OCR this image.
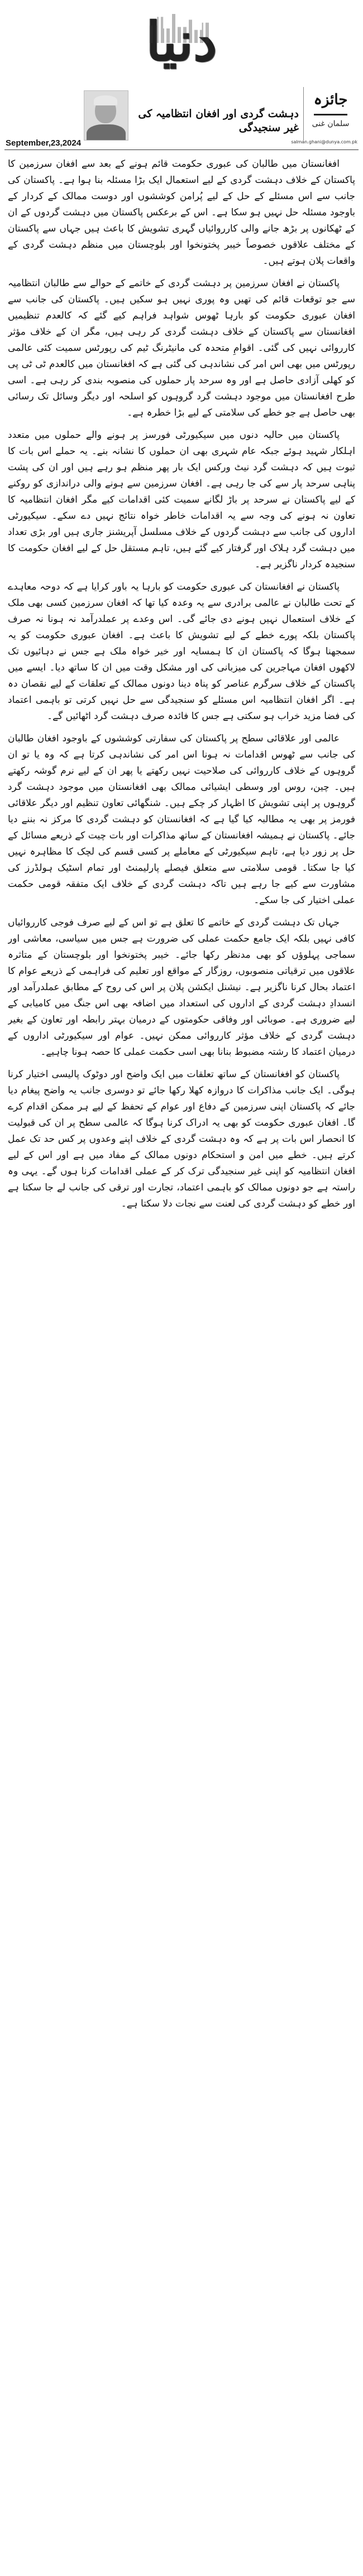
دنیا
جائزہ
سلمان غنی
دہشت گردی اور افغان انتظامیہ کی غیر سنجیدگی
salman.ghani@dunya.com.pk
September,23,2024

افغانستان میں طالبان کی عبوری حکومت قائم ہونے کے بعد سے افغان سرزمین کا پاکستان کے خلاف دہشت گردی کے لیے استعمال ایک بڑا مسئلہ بنا ہوا ہے۔ پاکستان کی جانب سے اس مسئلے کے حل کے لیے پُرامن کوششوں اور دوست ممالک کے کردار کے باوجود مسئلہ حل نہیں ہو سکا ہے۔ اس کے برعکس پاکستان میں دہشت گردوں کے ان کے ٹھکانوں پر بڑھ جانے والی کارروائیاں گہری تشویش کا باعث ہیں جہاں سے پاکستان کے مختلف علاقوں خصوصاً خیبر پختونخوا اور بلوچستان میں منظم دہشت گردی کے واقعات پلان ہوتے ہیں۔

پاکستان نے افغان سرزمین پر دہشت گردی کے خاتمے کے حوالے سے طالبان انتظامیہ سے جو توقعات قائم کی تھیں وہ پوری نہیں ہو سکیں ہیں۔ پاکستان کی جانب سے افغان عبوری حکومت کو بارہا ٹھوس شواہد فراہم کیے گئے کہ کالعدم تنظیمیں افغانستان سے پاکستان کے خلاف دہشت گردی کر رہی ہیں، مگر ان کے خلاف مؤثر کارروائی نہیں کی گئی۔ اقوامِ متحدہ کی مانیٹرنگ ٹیم کی رپورٹس سمیت کئی عالمی رپورٹس میں بھی اس امر کی نشاندہی کی گئی ہے کہ افغانستان میں کالعدم ٹی ٹی پی کو کھلی آزادی حاصل ہے اور وہ سرحد پار حملوں کی منصوبہ بندی کر رہی ہے۔ اسی طرح افغانستان میں موجود دہشت گرد گروہوں کو اسلحہ اور دیگر وسائل تک رسائی بھی حاصل ہے جو خطے کی سلامتی کے لیے بڑا خطرہ ہے۔

پاکستان میں حالیہ دنوں میں سیکیورٹی فورسز پر ہونے والے حملوں میں متعدد اہلکار شہید ہوئے جبکہ عام شہری بھی ان حملوں کا نشانہ بنے۔ یہ حملے اس بات کا ثبوت ہیں کہ دہشت گرد نیٹ ورکس ایک بار پھر منظم ہو رہے ہیں اور ان کی پشت پناہی سرحد پار سے کی جا رہی ہے۔ افغان سرزمین سے ہونے والی دراندازی کو روکنے کے لیے پاکستان نے سرحد پر باڑ لگانے سمیت کئی اقدامات کیے مگر افغان انتظامیہ کا تعاون نہ ہونے کی وجہ سے یہ اقدامات خاطر خواہ نتائج نہیں دے سکے۔ سیکیورٹی اداروں کی جانب سے دہشت گردوں کے خلاف مسلسل آپریشنز جاری ہیں اور بڑی تعداد میں دہشت گرد ہلاک اور گرفتار کیے گئے ہیں، تاہم مستقل حل کے لیے افغان حکومت کا سنجیدہ کردار ناگزیر ہے۔

پاکستان نے افغانستان کی عبوری حکومت کو بارہا یہ باور کرایا ہے کہ دوحہ معاہدے کے تحت طالبان نے عالمی برادری سے یہ وعدہ کیا تھا کہ افغان سرزمین کسی بھی ملک کے خلاف استعمال نہیں ہونے دی جائے گی۔ اس وعدے پر عملدرآمد نہ ہونا نہ صرف پاکستان بلکہ پورے خطے کے لیے تشویش کا باعث ہے۔ افغان عبوری حکومت کو یہ سمجھنا ہوگا کہ پاکستان ان کا ہمسایہ اور خیر خواہ ملک ہے جس نے دہائیوں تک لاکھوں افغان مہاجرین کی میزبانی کی اور مشکل وقت میں ان کا ساتھ دیا۔ ایسے میں پاکستان کے خلاف سرگرم عناصر کو پناہ دینا دونوں ممالک کے تعلقات کے لیے نقصان دہ ہے۔ اگر افغان انتظامیہ اس مسئلے کو سنجیدگی سے حل نہیں کرتی تو باہمی اعتماد کی فضا مزید خراب ہو سکتی ہے جس کا فائدہ صرف دہشت گرد اٹھائیں گے۔

عالمی اور علاقائی سطح پر پاکستان کی سفارتی کوششوں کے باوجود افغان طالبان کی جانب سے ٹھوس اقدامات نہ ہونا اس امر کی نشاندہی کرتا ہے کہ وہ یا تو ان گروہوں کے خلاف کارروائی کی صلاحیت نہیں رکھتے یا پھر ان کے لیے نرم گوشہ رکھتے ہیں۔ چین، روس اور وسطی ایشیائی ممالک بھی افغانستان میں موجود دہشت گرد گروہوں پر اپنی تشویش کا اظہار کر چکے ہیں۔ شنگھائی تعاون تنظیم اور دیگر علاقائی فورمز پر بھی یہ مطالبہ کیا گیا ہے کہ افغانستان کو دہشت گردی کا مرکز نہ بننے دیا جائے۔ پاکستان نے ہمیشہ افغانستان کے ساتھ مذاکرات اور بات چیت کے ذریعے مسائل کے حل پر زور دیا ہے، تاہم سیکیورٹی کے معاملے پر کسی قسم کی لچک کا مظاہرہ نہیں کیا جا سکتا۔ قومی سلامتی سے متعلق فیصلے پارلیمنٹ اور تمام اسٹیک ہولڈرز کی مشاورت سے کیے جا رہے ہیں تاکہ دہشت گردی کے خلاف ایک متفقہ قومی حکمت عملی اختیار کی جا سکے۔

جہاں تک دہشت گردی کے خاتمے کا تعلق ہے تو اس کے لیے صرف فوجی کارروائیاں کافی نہیں بلکہ ایک جامع حکمت عملی کی ضرورت ہے جس میں سیاسی، معاشی اور سماجی پہلوؤں کو بھی مدنظر رکھا جائے۔ خیبر پختونخوا اور بلوچستان کے متاثرہ علاقوں میں ترقیاتی منصوبوں، روزگار کے مواقع اور تعلیم کی فراہمی کے ذریعے عوام کا اعتماد بحال کرنا ناگزیر ہے۔ نیشنل ایکشن پلان پر اس کی روح کے مطابق عملدرآمد اور انسدادِ دہشت گردی کے اداروں کی استعداد میں اضافہ بھی اس جنگ میں کامیابی کے لیے ضروری ہے۔ صوبائی اور وفاقی حکومتوں کے درمیان بہتر رابطہ اور تعاون کے بغیر دہشت گردی کے خلاف مؤثر کارروائی ممکن نہیں۔ عوام اور سیکیورٹی اداروں کے درمیان اعتماد کا رشتہ مضبوط بنانا بھی اسی حکمت عملی کا حصہ ہونا چاہیے۔

پاکستان کو افغانستان کے ساتھ تعلقات میں ایک واضح اور دوٹوک پالیسی اختیار کرنا ہوگی۔ ایک جانب مذاکرات کا دروازہ کھلا رکھا جائے تو دوسری جانب یہ واضح پیغام دیا جائے کہ پاکستان اپنی سرزمین کے دفاع اور عوام کے تحفظ کے لیے ہر ممکن اقدام کرے گا۔ افغان عبوری حکومت کو بھی یہ ادراک کرنا ہوگا کہ عالمی سطح پر ان کی قبولیت کا انحصار اس بات پر ہے کہ وہ دہشت گردی کے خلاف اپنے وعدوں پر کس حد تک عمل کرتے ہیں۔ خطے میں امن و استحکام دونوں ممالک کے مفاد میں ہے اور اس کے لیے افغان انتظامیہ کو اپنی غیر سنجیدگی ترک کر کے عملی اقدامات کرنا ہوں گے۔ یہی وہ راستہ ہے جو دونوں ممالک کو باہمی اعتماد، تجارت اور ترقی کی جانب لے جا سکتا ہے اور خطے کو دہشت گردی کی لعنت سے نجات دلا سکتا ہے۔
